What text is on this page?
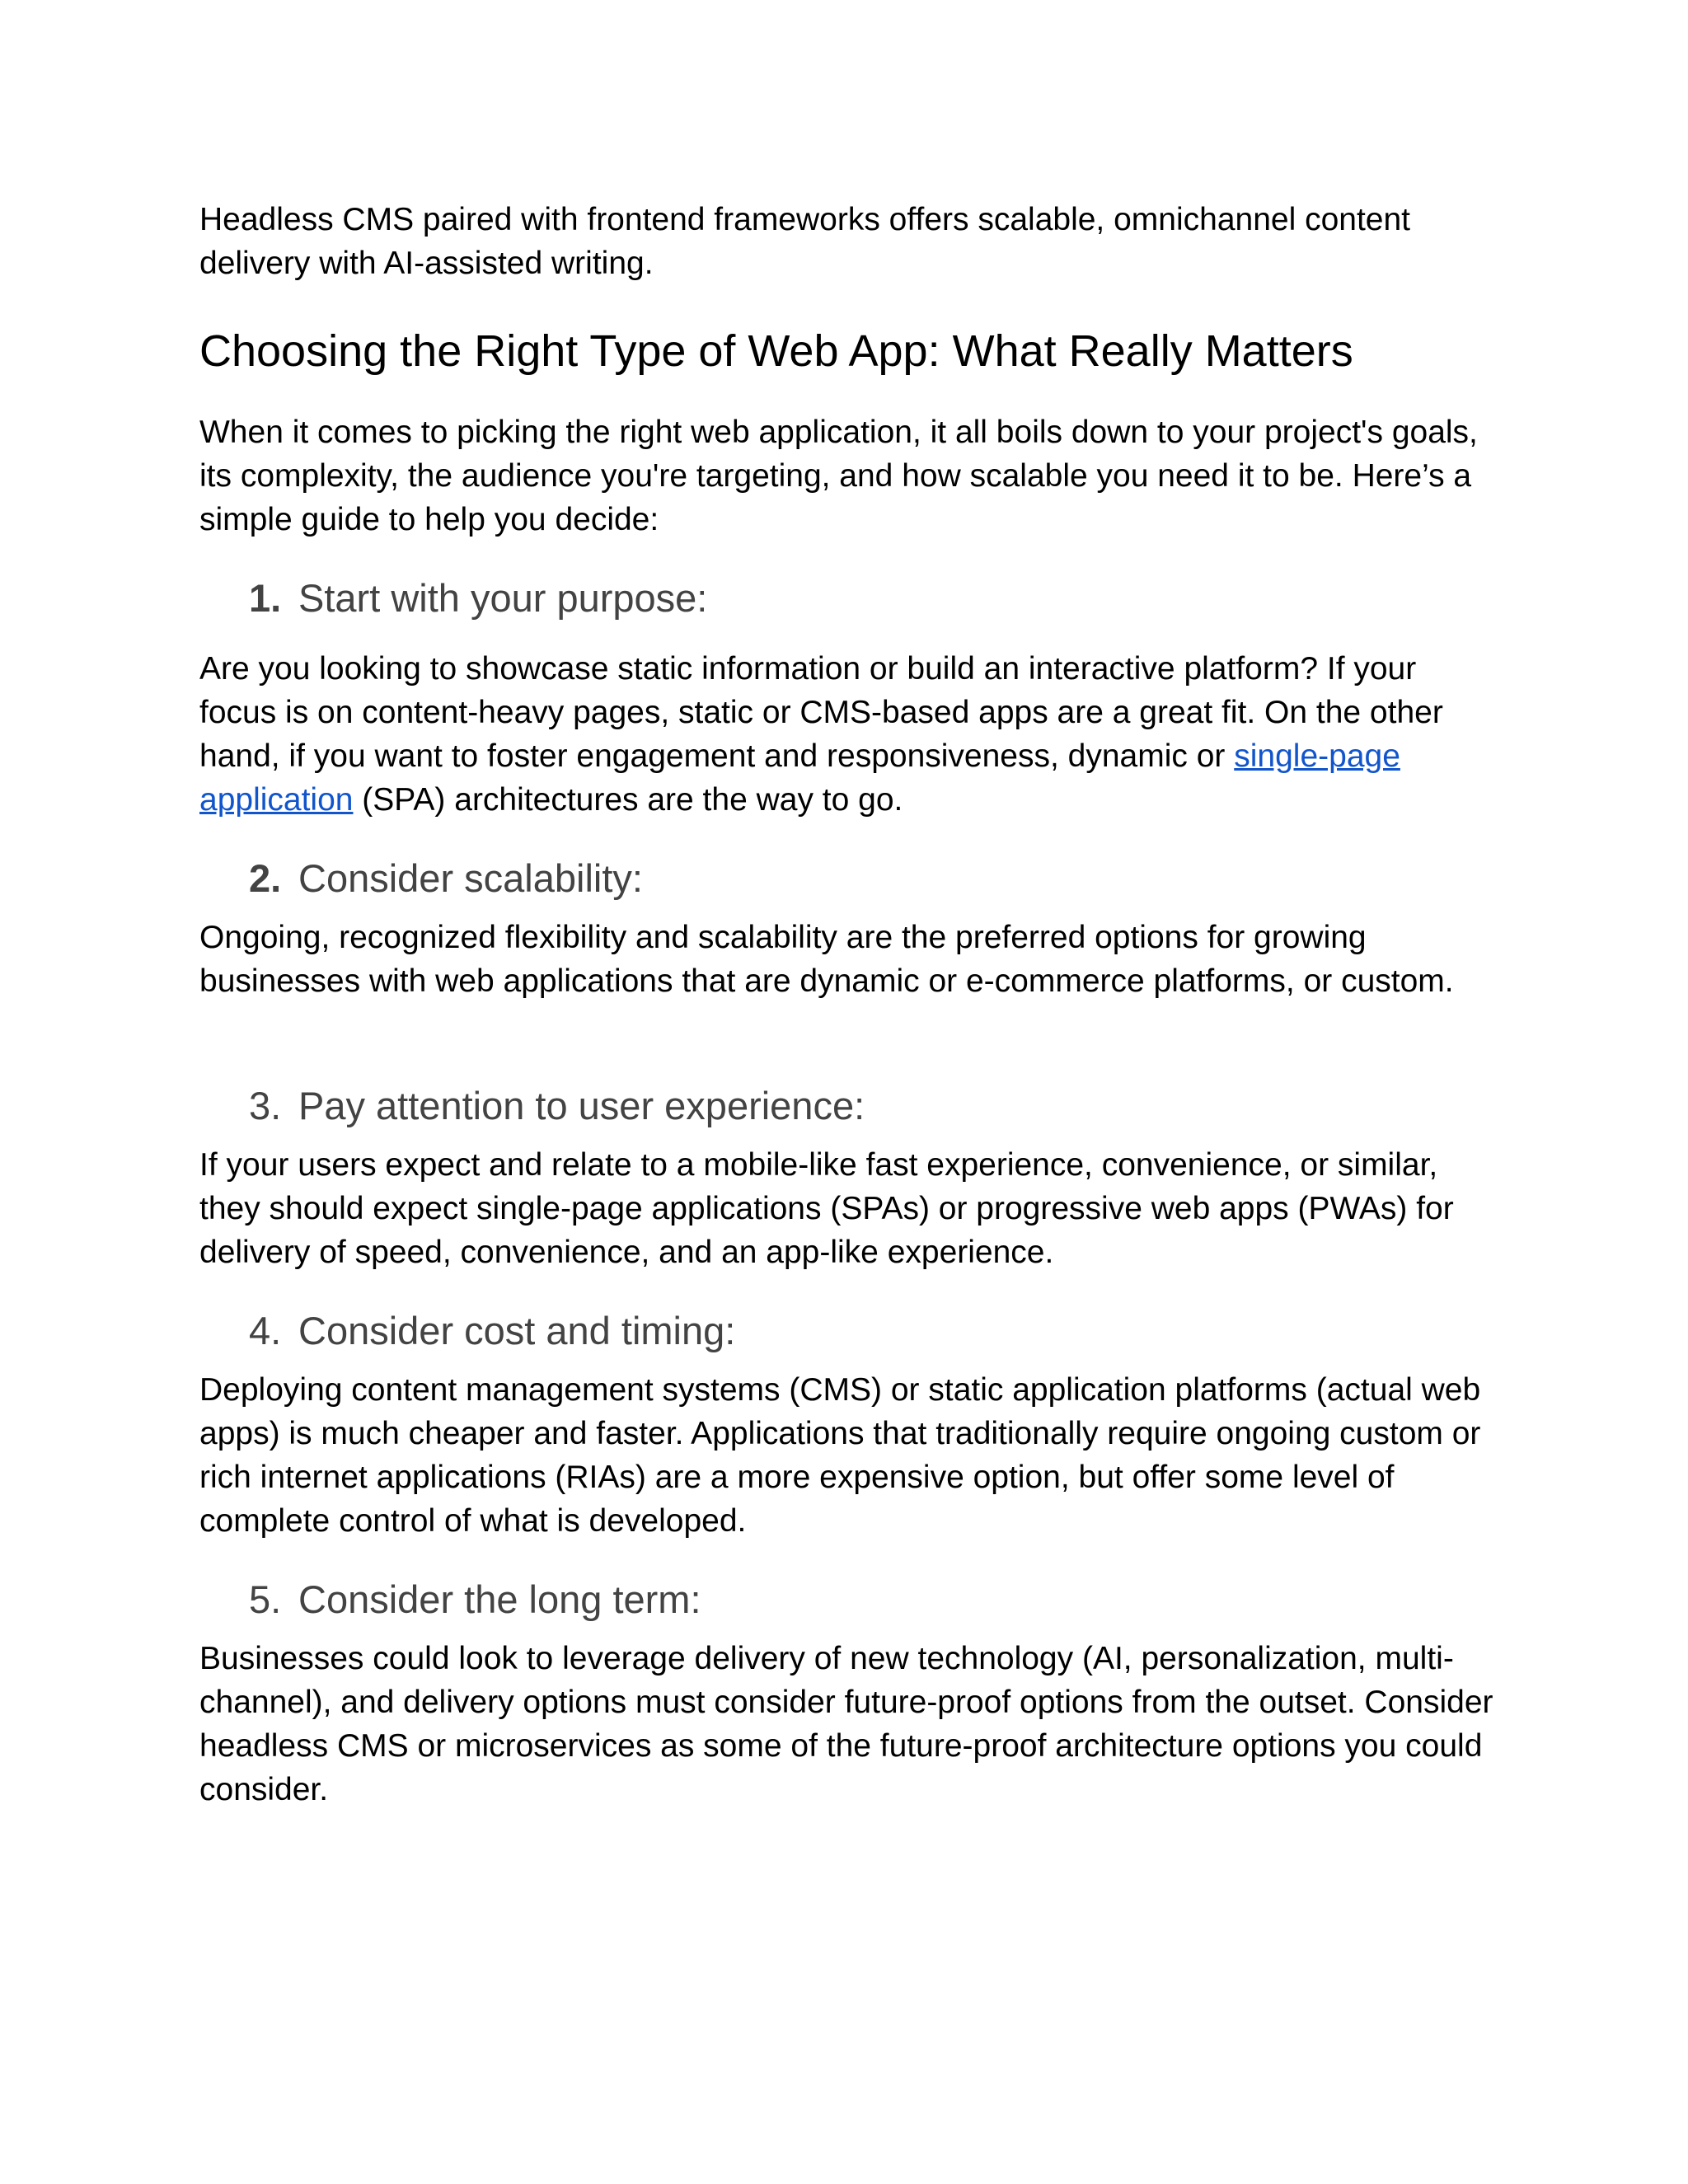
Headless CMS paired with frontend frameworks offers scalable, omnichannel content delivery with AI-assisted writing.

Choosing the Right Type of Web App: What Really Matters

When it comes to picking the right web application, it all boils down to your project's goals, its complexity, the audience you're targeting, and how scalable you need it to be. Here’s a simple guide to help you decide:

1. Start with your purpose:

Are you looking to showcase static information or build an interactive platform? If your focus is on content-heavy pages, static or CMS-based apps are a great fit. On the other hand, if you want to foster engagement and responsiveness, dynamic or single-page application (SPA) architectures are the way to go.

2. Consider scalability:

Ongoing, recognized flexibility and scalability are the preferred options for growing businesses with web applications that are dynamic or e-commerce platforms, or custom.

3. Pay attention to user experience:

If your users expect and relate to a mobile-like fast experience, convenience, or similar, they should expect single-page applications (SPAs) or progressive web apps (PWAs) for delivery of speed, convenience, and an app-like experience.

4. Consider cost and timing:

Deploying content management systems (CMS) or static application platforms (actual web apps) is much cheaper and faster. Applications that traditionally require ongoing custom or rich internet applications (RIAs) are a more expensive option, but offer some level of complete control of what is developed.

5. Consider the long term:

Businesses could look to leverage delivery of new technology (AI, personalization, multi-channel), and delivery options must consider future-proof options from the outset. Consider headless CMS or microservices as some of the future-proof architecture options you could consider.
